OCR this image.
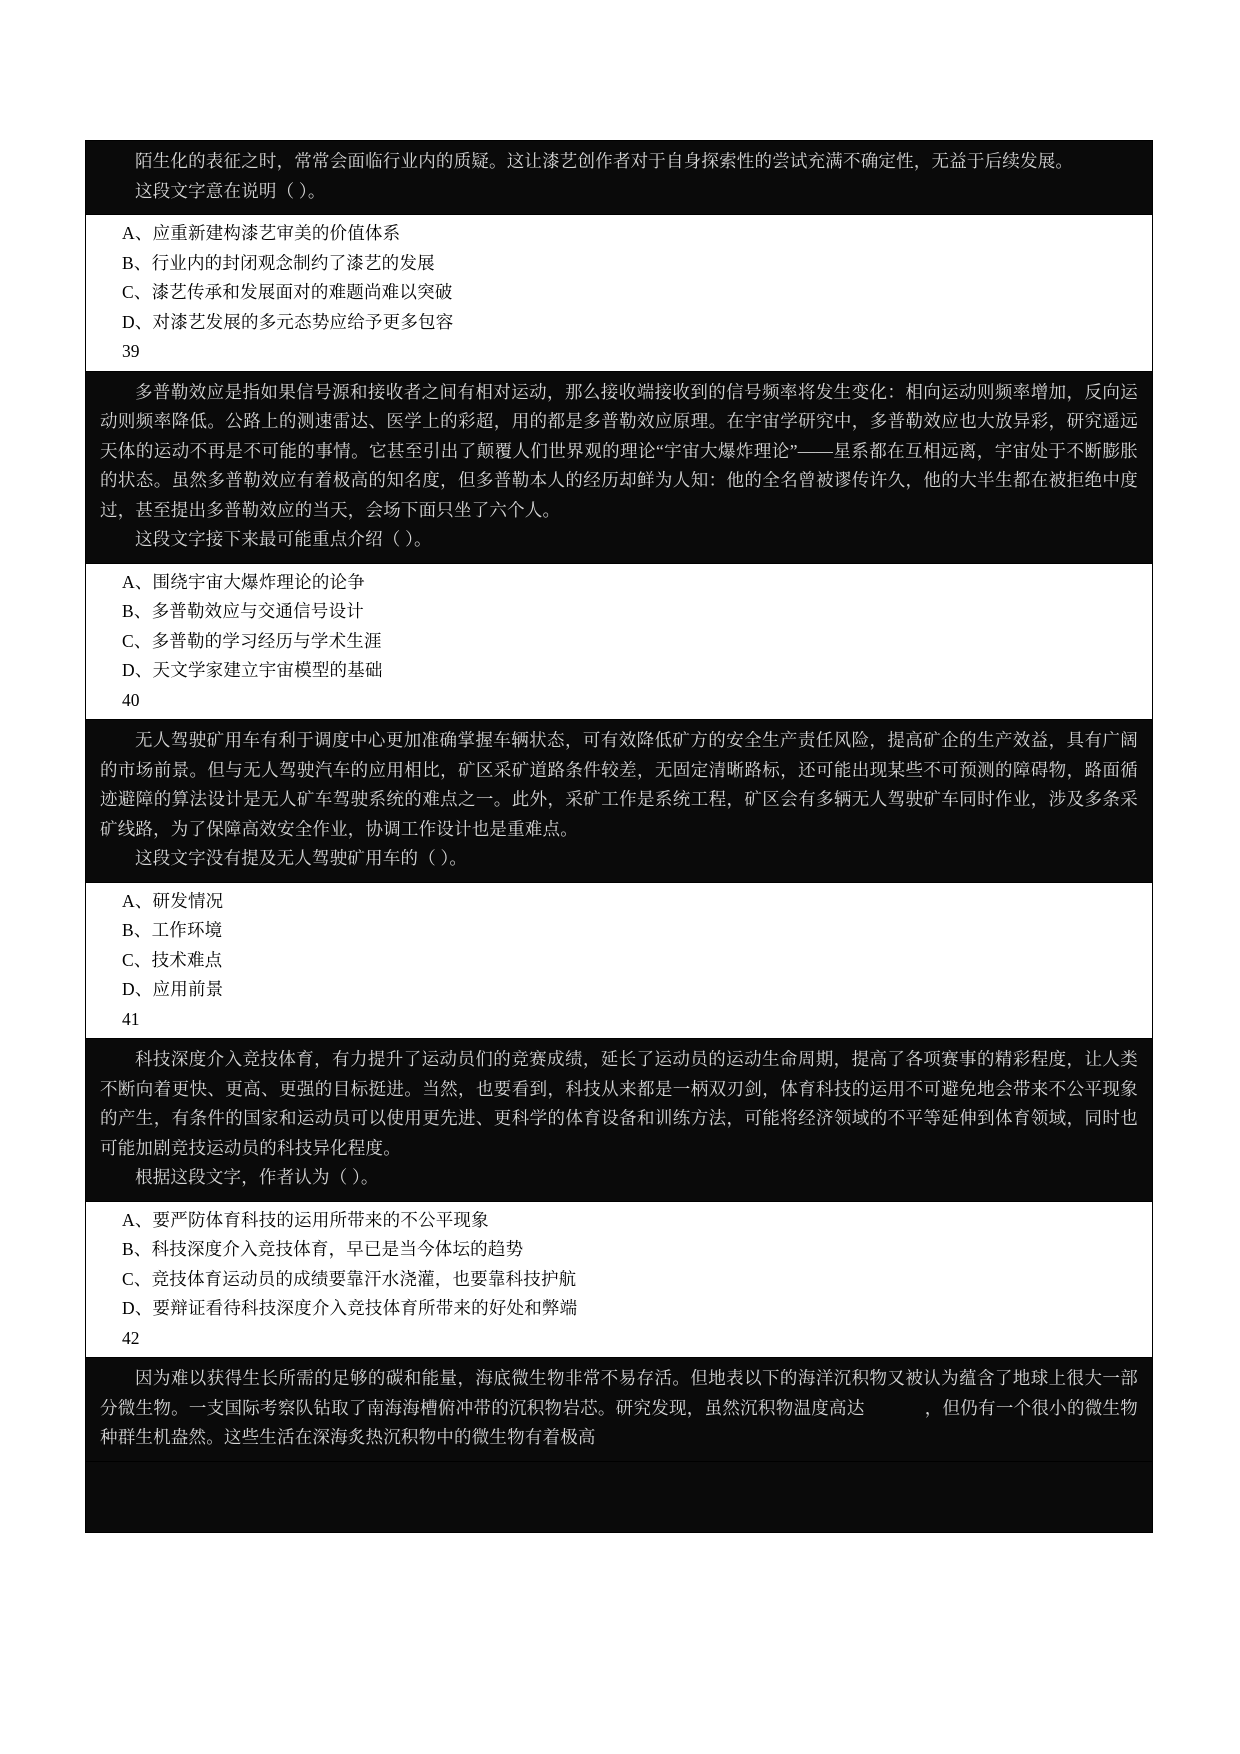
陌生化的表征之时，常常会面临行业内的质疑。这让漆艺创作者对于自身探索性的尝试充满不确定性，无益于后续发展。

这段文字意在说明（ ）。

A、应重新建构漆艺审美的价值体系

B、行业内的封闭观念制约了漆艺的发展

C、漆艺传承和发展面对的难题尚难以突破

D、对漆艺发展的多元态势应给予更多包容

39

多普勒效应是指如果信号源和接收者之间有相对运动，那么接收端接收到的信号频率将发生变化：相向运动则频率增加，反向运动则频率降低。公路上的测速雷达、医学上的彩超，用的都是多普勒效应原理。在宇宙学研究中，多普勒效应也大放异彩，研究遥远天体的运动不再是不可能的事情。它甚至引出了颠覆人们世界观的理论“宇宙大爆炸理论”——星系都在互相远离，宇宙处于不断膨胀的状态。虽然多普勒效应有着极高的知名度，但多普勒本人的经历却鲜为人知：他的全名曾被谬传许久，他的大半生都在被拒绝中度过，甚至提出多普勒效应的当天，会场下面只坐了六个人。

这段文字接下来最可能重点介绍（ ）。

A、围绕宇宙大爆炸理论的论争

B、多普勒效应与交通信号设计

C、多普勒的学习经历与学术生涯

D、天文学家建立宇宙模型的基础

40

无人驾驶矿用车有利于调度中心更加准确掌握车辆状态，可有效降低矿方的安全生产责任风险，提高矿企的生产效益，具有广阔的市场前景。但与无人驾驶汽车的应用相比，矿区采矿道路条件较差，无固定清晰路标，还可能出现某些不可预测的障碍物，路面循迹避障的算法设计是无人矿车驾驶系统的难点之一。此外，采矿工作是系统工程，矿区会有多辆无人驾驶矿车同时作业，涉及多条采矿线路，为了保障高效安全作业，协调工作设计也是重难点。

这段文字没有提及无人驾驶矿用车的（ ）。

A、研发情况

B、工作环境

C、技术难点

D、应用前景

41

科技深度介入竞技体育，有力提升了运动员们的竞赛成绩，延长了运动员的运动生命周期，提高了各项赛事的精彩程度，让人类不断向着更快、更高、更强的目标挺进。当然，也要看到，科技从来都是一柄双刃剑，体育科技的运用不可避免地会带来不公平现象的产生，有条件的国家和运动员可以使用更先进、更科学的体育设备和训练方法，可能将经济领域的不平等延伸到体育领域，同时也可能加剧竞技运动员的科技异化程度。

根据这段文字，作者认为（ ）。

A、要严防体育科技的运用所带来的不公平现象

B、科技深度介入竞技体育，早已是当今体坛的趋势

C、竞技体育运动员的成绩要靠汗水浇灌，也要靠科技护航

D、要辩证看待科技深度介入竞技体育所带来的好处和弊端

42

因为难以获得生长所需的足够的碳和能量，海底微生物非常不易存活。但地表以下的海洋沉积物又被认为蕴含了地球上很大一部分微生物。一支国际考察队钻取了南海海槽俯冲带的沉积物岩芯。研究发现，虽然沉积物温度高达	，但仍有一个很小的微生物种群生机盎然。这些生活在深海炙热沉积物中的微生物有着极高
